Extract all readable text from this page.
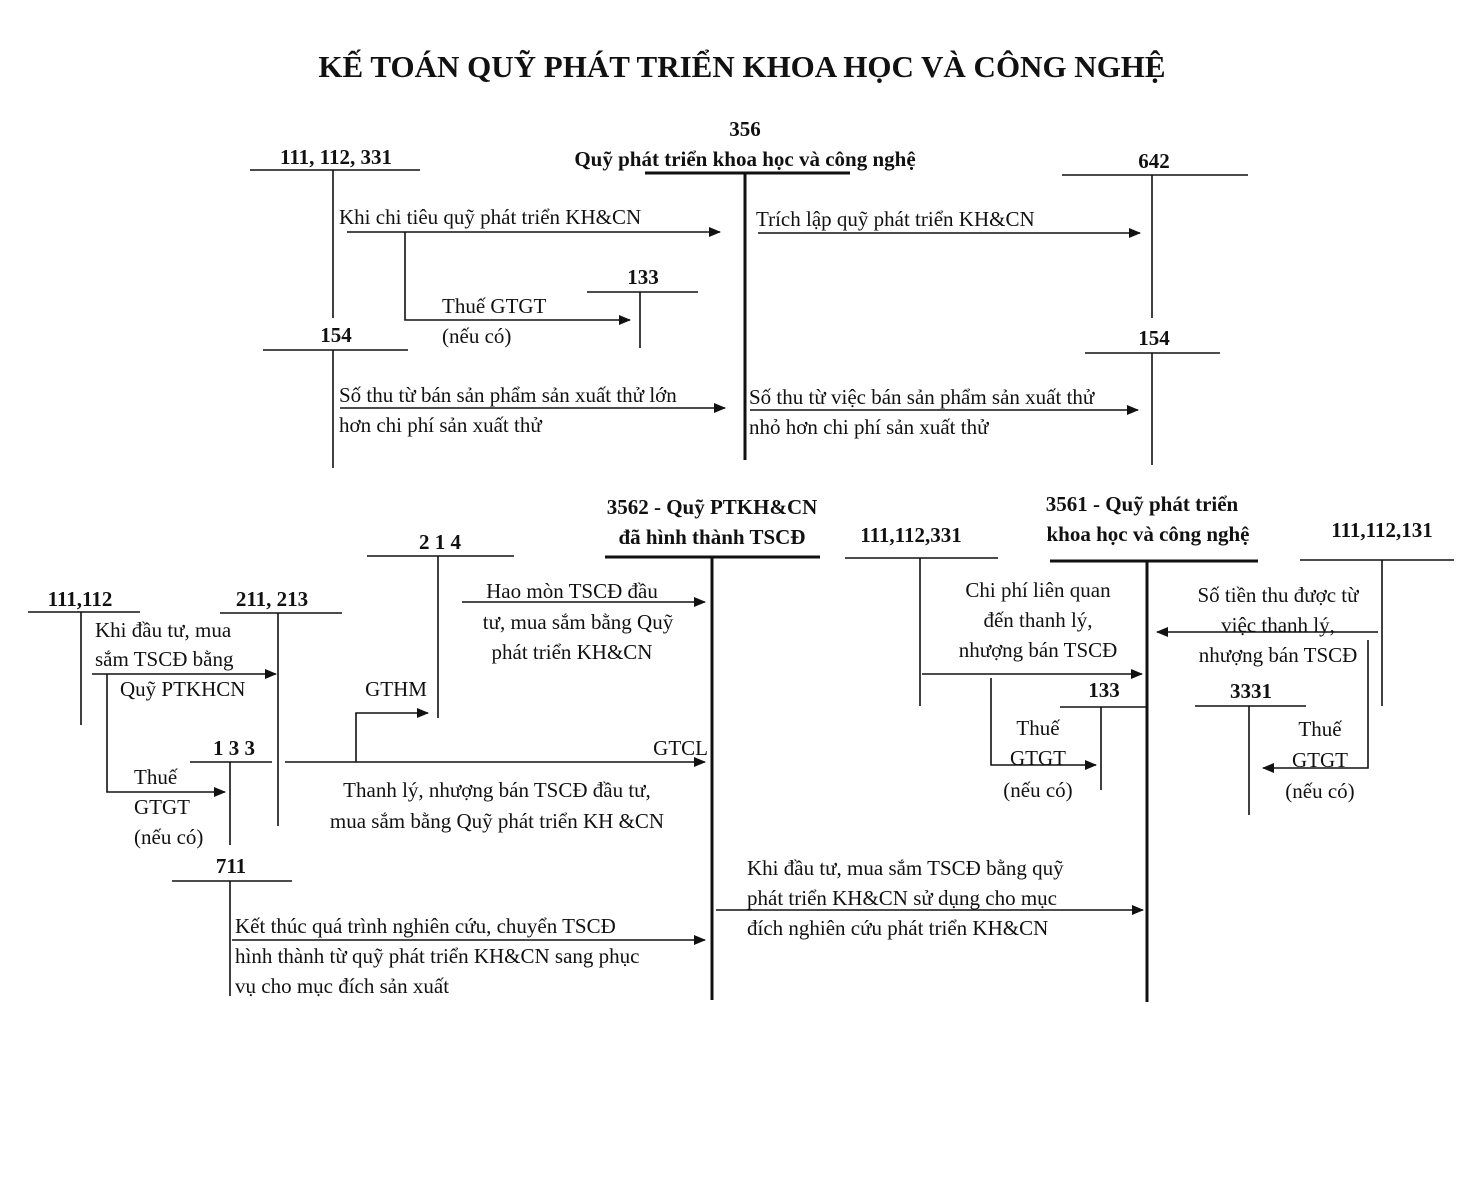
KẾ TOÁN QUỸ PHÁT TRIỂN KHOA HỌC VÀ CÔNG NGHỆ
111, 112, 331
356
Quỹ phát triển khoa học và công nghệ	642
133
154	154
Khi chi tiêu quỹ phát triển KH&CN
Thuế GTGT
(nếu có)
Trích lập quỹ phát triển KH&CN
Số thu từ bán sản phẩm sản xuất thử lớn
hơn chi phí sản xuất thử
Số thu từ việc bán sản phẩm sản xuất thử
nhỏ hơn chi phí sản xuất thử
3562 - Quỹ PTKH&CN
đã hình thành TSCĐ
3561 - Quỹ phát triển
khoa học và công nghệ
2 1 4
111,112	211, 213
1 3 3
711
111,112,331	111,112,131
133	3331
Khi đầu tư, mua
sắm TSCĐ bằng
Quỹ PTKHCN
Thuế
GTGT
(nếu có)
Hao mòn TSCĐ đầu
tư, mua sắm bằng Quỹ
phát triển KH&CN
GTCL
GTHM
Thanh lý, nhượng bán TSCĐ đầu tư,
mua sắm bằng Quỹ phát triển KH &CN
Kết thúc quá trình nghiên cứu, chuyển TSCĐ
hình thành từ quỹ phát triển KH&CN sang phục
vụ cho mục đích sản xuất
Khi đầu tư, mua sắm TSCĐ bằng quỹ
phát triển KH&CN sử dụng cho mục
đích nghiên cứu phát triển KH&CN
Chi phí liên quan
đến thanh lý,
nhượng bán TSCĐ
Thuế
GTGT
(nếu có)
Số tiền thu được từ
việc thanh lý,
nhượng bán TSCĐ
Thuế
GTGT
(nếu có)
